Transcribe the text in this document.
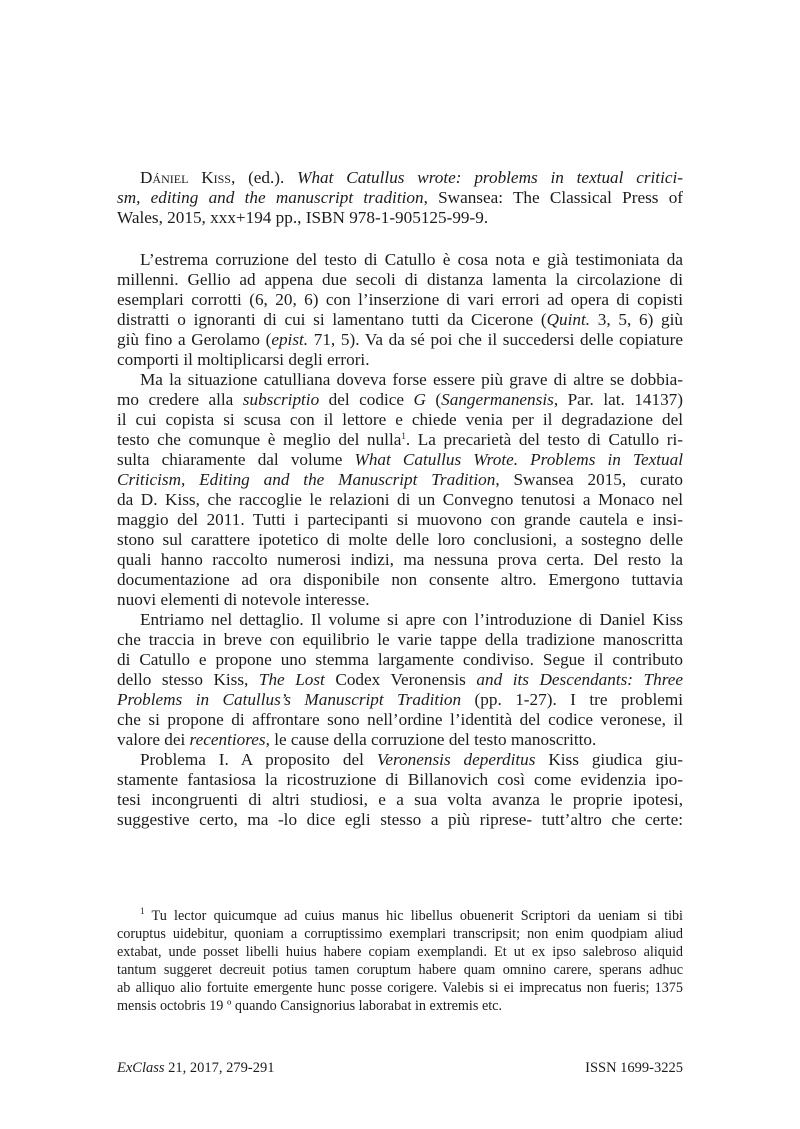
Dániel Kiss, (ed.). What Catullus wrote: problems in textual critici-
sm, editing and the manuscript tradition, Swansea: The Classical Press of
Wales, 2015, xxx+194 pp., ISBN 978-1-905125-99-9.
L’estrema corruzione del testo di Catullo è cosa nota e già testimoniata da
millenni. Gellio ad appena due secoli di distanza lamenta la circolazione di
esemplari corrotti (6, 20, 6) con l’inserzione di vari errori ad opera di copisti
distratti o ignoranti di cui si lamentano tutti da Cicerone (Quint. 3, 5, 6) giù
giù fino a Gerolamo (epist. 71, 5). Va da sé poi che il succedersi delle copiature
comporti il moltiplicarsi degli errori.
Ma la situazione catulliana doveva forse essere più grave di altre se dobbia-
mo credere alla subscriptio del codice G (Sangermanensis, Par. lat. 14137)
il cui copista si scusa con il lettore e chiede venia per il degradazione del
testo che comunque è meglio del nulla$^1$. La precarietà del testo di Catullo ri-
sulta chiaramente dal volume What Catullus Wrote. Problems in Textual
Criticism, Editing and the Manuscript Tradition, Swansea 2015, curato
da D. Kiss, che raccoglie le relazioni di un Convegno tenutosi a Monaco nel
maggio del 2011. Tutti i partecipanti si muovono con grande cautela e insi-
stono sul carattere ipotetico di molte delle loro conclusioni, a sostegno delle
quali hanno raccolto numerosi indizi, ma nessuna prova certa. Del resto la
documentazione ad ora disponibile non consente altro. Emergono tuttavia
nuovi elementi di notevole interesse.
Entriamo nel dettaglio. Il volume si apre con l’introduzione di Daniel Kiss
che traccia in breve con equilibrio le varie tappe della tradizione manoscritta
di Catullo e propone uno stemma largamente condiviso. Segue il contributo
dello stesso Kiss, The Lost Codex Veronensis and its Descendants: Three
Problems in Catullus’s Manuscript Tradition (pp. 1-27). I tre problemi
che si propone di affrontare sono nell’ordine l’identità del codice veronese, il
valore dei recentiores, le cause della corruzione del testo manoscritto.
Problema I. A proposito del Veronensis deperditus Kiss giudica giu-
stamente fantasiosa la ricostruzione di Billanovich così come evidenzia ipo-
tesi incongruenti di altri studiosi, e a sua volta avanza le proprie ipotesi,
suggestive certo, ma -lo dice egli stesso a più riprese- tutt’altro che certe:
$^1$ Tu lector quicumque ad cuius manus hic libellus obuenerit Scriptori da ueniam si tibi
coruptus uidebitur, quoniam a corruptissimo exemplari transcripsit; non enim quodpiam aliud
extabat, unde posset libelli huius habere copiam exemplandi. Et ut ex ipso salebroso aliquid
tantum suggeret decreuit potius tamen coruptum habere quam omnino carere, sperans adhuc
ab alliquo alio fortuite emergente hunc posse corigere. Valebis si ei imprecatus non fueris; 1375
mensis octobris 19 º quando Cansignorius laborabat in extremis etc.
ExClass 21, 2017, 279-291	ISSN 1699-3225
